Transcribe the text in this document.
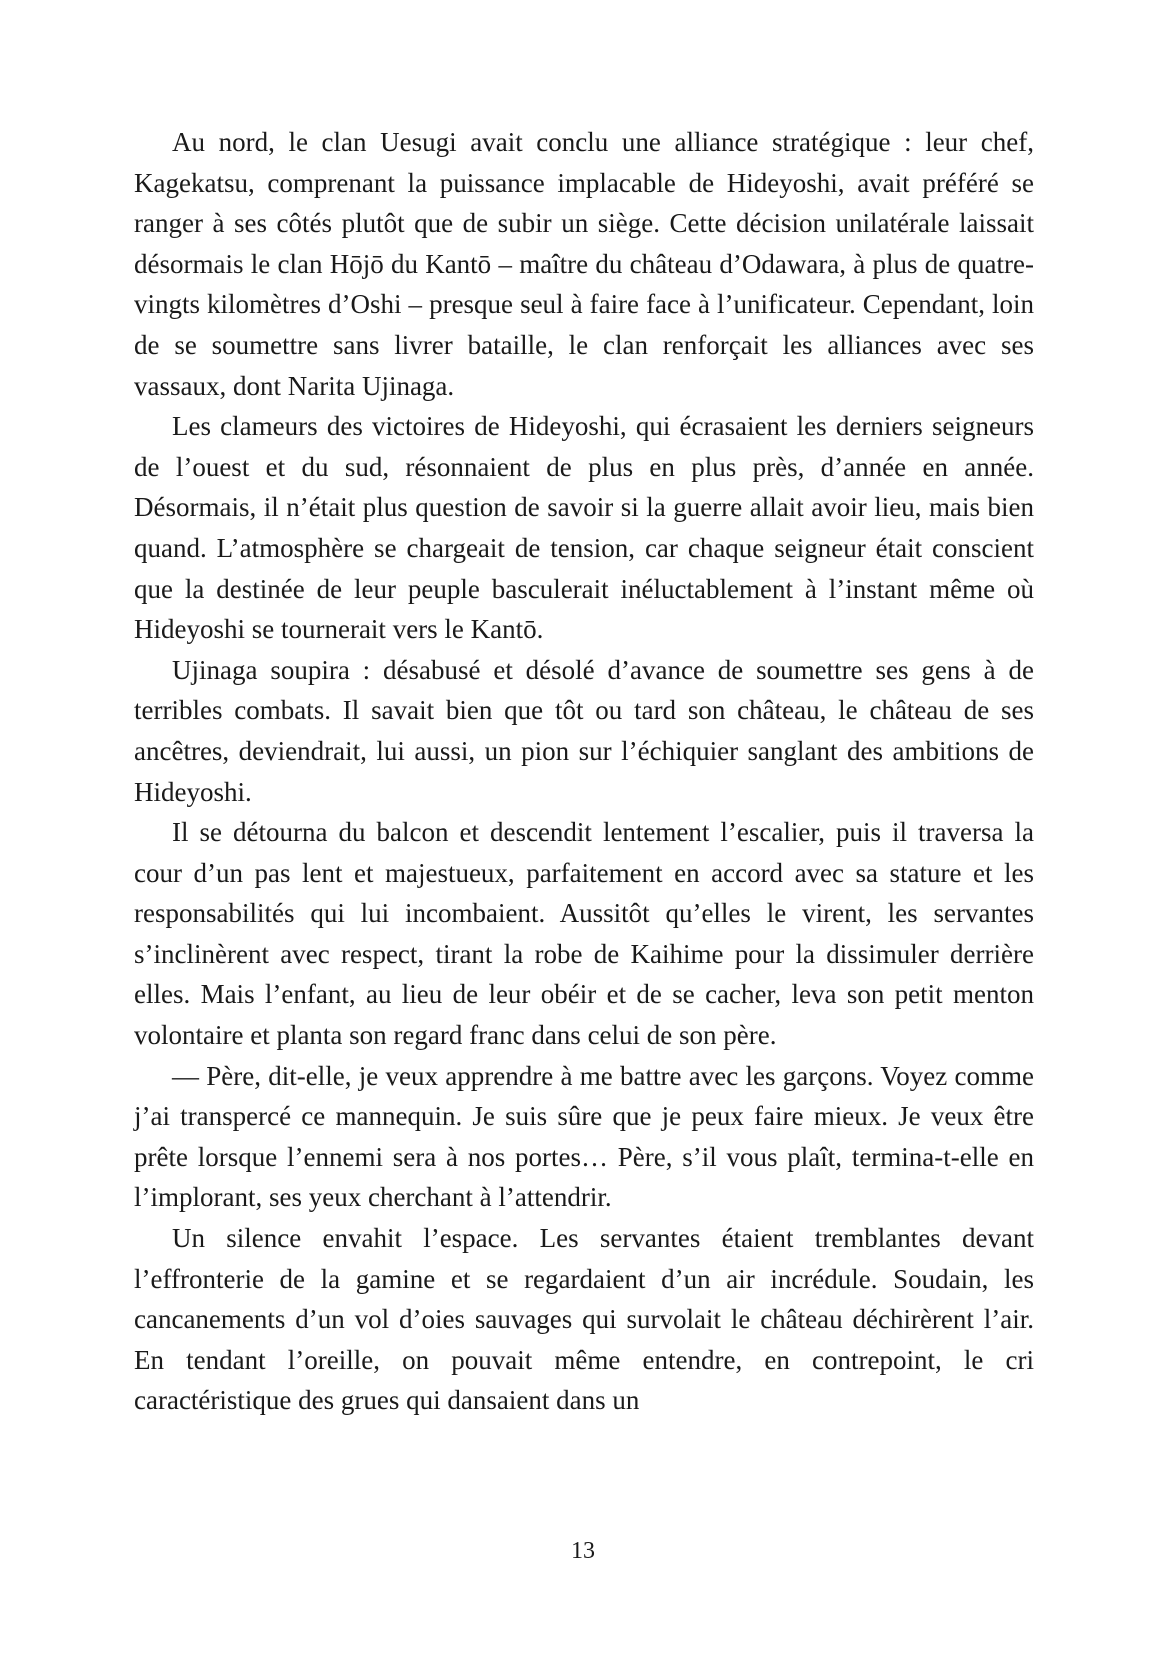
Au nord, le clan Uesugi avait conclu une alliance stratégique : leur chef, Kagekatsu, comprenant la puissance implacable de Hideyoshi, avait préféré se ranger à ses côtés plutôt que de subir un siège. Cette décision unilatérale laissait désormais le clan Hōjō du Kantō – maître du château d’Odawara, à plus de quatre-vingts kilomètres d’Oshi – presque seul à faire face à l’unificateur. Cependant, loin de se soumettre sans livrer bataille, le clan renforçait les alliances avec ses vassaux, dont Narita Ujinaga.

Les clameurs des victoires de Hideyoshi, qui écrasaient les derniers seigneurs de l’ouest et du sud, résonnaient de plus en plus près, d’année en année. Désormais, il n’était plus question de savoir si la guerre allait avoir lieu, mais bien quand. L’atmosphère se chargeait de tension, car chaque seigneur était conscient que la destinée de leur peuple basculerait inéluctablement à l’instant même où Hideyoshi se tournerait vers le Kantō.

Ujinaga soupira : désabusé et désolé d’avance de soumettre ses gens à de terribles combats. Il savait bien que tôt ou tard son château, le château de ses ancêtres, deviendrait, lui aussi, un pion sur l’échiquier sanglant des ambitions de Hideyoshi.

Il se détourna du balcon et descendit lentement l’escalier, puis il traversa la cour d’un pas lent et majestueux, parfaitement en accord avec sa stature et les responsabilités qui lui incombaient. Aussitôt qu’elles le virent, les servantes s’inclinèrent avec respect, tirant la robe de Kaihime pour la dissimuler derrière elles. Mais l’enfant, au lieu de leur obéir et de se cacher, leva son petit menton volontaire et planta son regard franc dans celui de son père.

— Père, dit-elle, je veux apprendre à me battre avec les garçons. Voyez comme j’ai transpercé ce mannequin. Je suis sûre que je peux faire mieux. Je veux être prête lorsque l’ennemi sera à nos portes… Père, s’il vous plaît, termina-t-elle en l’implorant, ses yeux cherchant à l’attendrir.

Un silence envahit l’espace. Les servantes étaient tremblantes devant l’effronterie de la gamine et se regardaient d’un air incrédule. Soudain, les cancanements d’un vol d’oies sauvages qui survolait le château déchirèrent l’air. En tendant l’oreille, on pouvait même entendre, en contrepoint, le cri caractéristique des grues qui dansaient dans un

13
